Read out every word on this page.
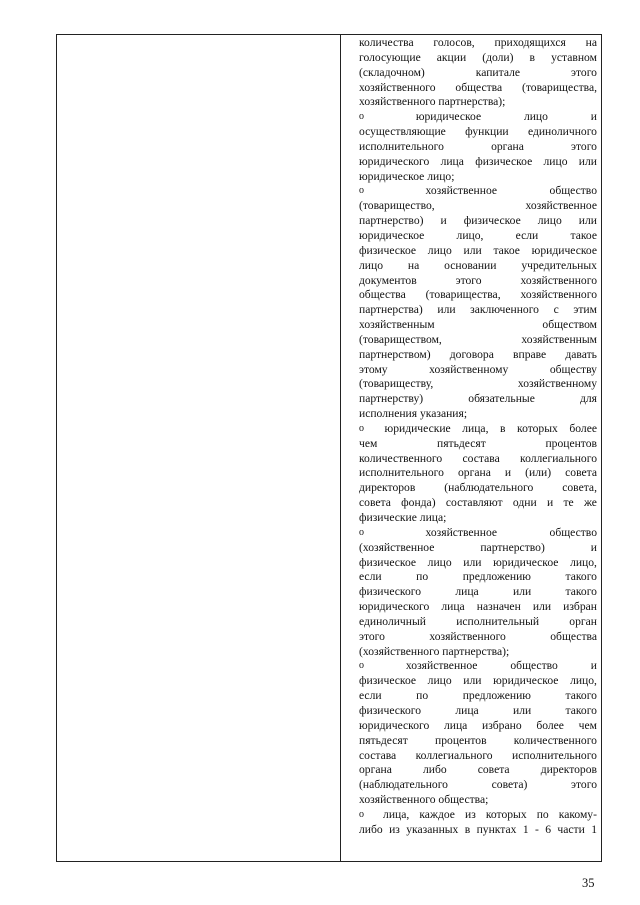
количества голосов, приходящихся на
голосующие акции (доли) в уставном
(складочном)	капитале	этого
хозяйственного общества (товарищества,
хозяйственного партнерства);
o	юридическое	лицо	и
осуществляющие функции единоличного
исполнительного	органа	этого
юридического лица физическое лицо или
юридическое лицо;
o	хозяйственное	общество
(товарищество,	хозяйственное
партнерство) и физическое лицо или
юридическое	лицо,	если	такое
физическое лицо или такое юридическое
лицо на основании учредительных
документов	этого	хозяйственного
общества (товарищества, хозяйственного
партнерства) или заключенного с этим
хозяйственным	обществом
(товариществом,	хозяйственным
партнерством) договора вправе давать
этому	хозяйственному	обществу
(товариществу,	хозяйственному
партнерству)	обязательные	для
исполнения указания;
o юридические лица, в которых более
чем	пятьдесят	процентов
количественного состава коллегиального
исполнительного органа и (или) совета
директоров (наблюдательного совета,
совета фонда) составляют одни и те же
физические лица;
o	хозяйственное	общество
(хозяйственное	партнерство)	и
физическое лицо или юридическое лицо,
если	по	предложению	такого
физического	лица	или	такого
юридического лица назначен или избран
единоличный	исполнительный	орган
этого	хозяйственного	общества
(хозяйственного партнерства);
o	хозяйственное	общество	и
физическое лицо или юридическое лицо,
если	по	предложению	такого
физического	лица	или	такого
юридического лица избрано более чем
пятьдесят процентов количественного
состава коллегиального исполнительного
органа	либо	совета	директоров
(наблюдательного	совета)	этого
хозяйственного общества;
o лица, каждое из которых по какому-
либо из указанных в пунктах 1 - 6 части 1
35
